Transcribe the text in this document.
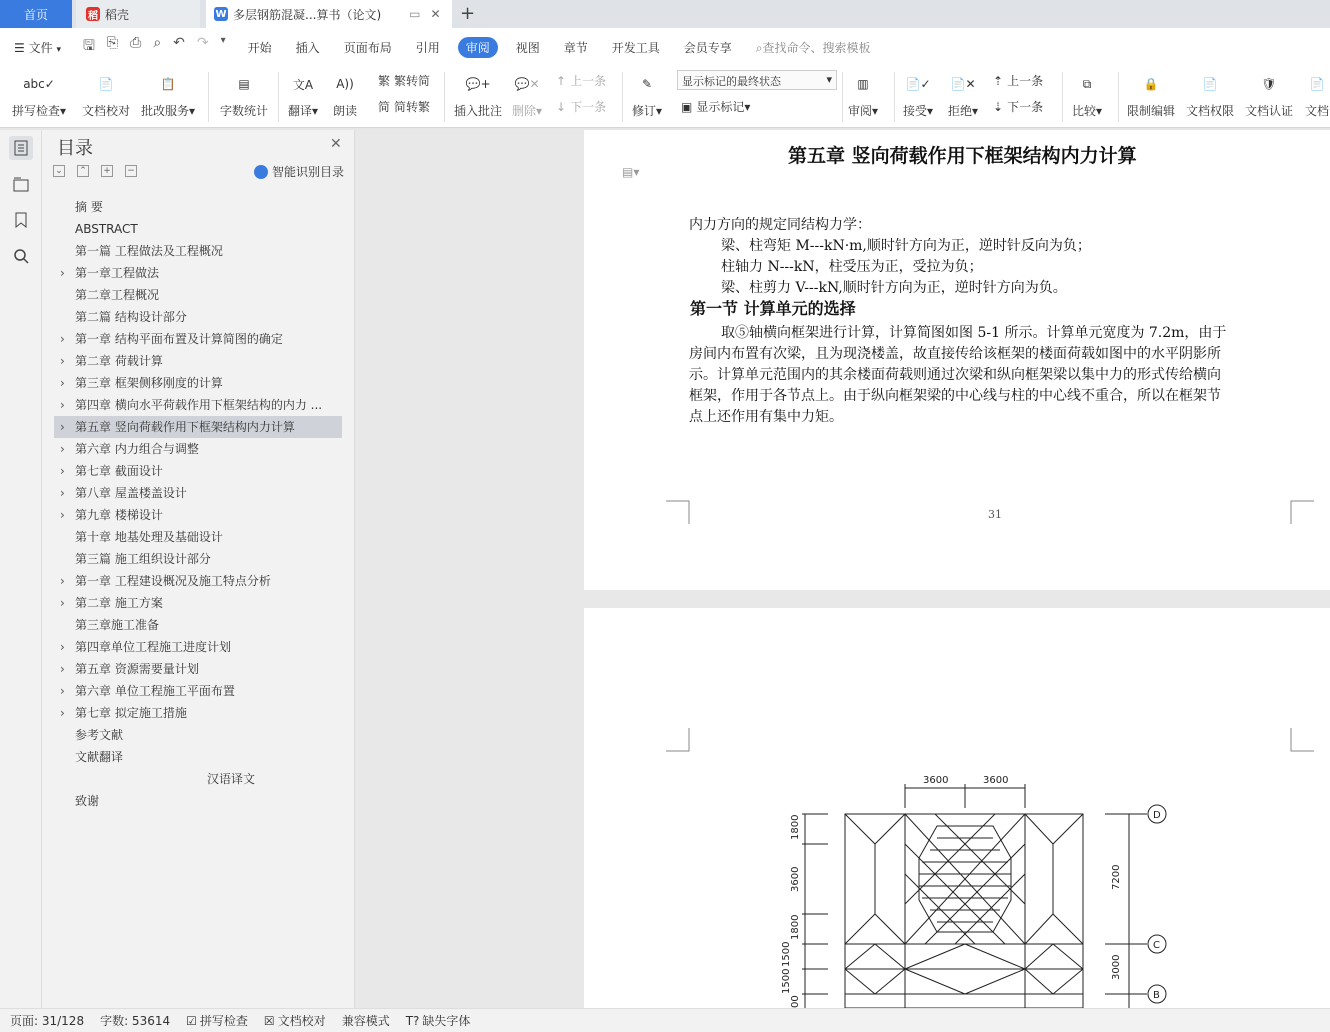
首页	稻 稻壳	W 多层钢筋混凝...算书（论文) ▭ ✕ +
☰ 文件 ▾	🖫 ⎘ ⎙ ⌕ ↶ ↷ ▾	开始	插入	页面布局	引用	审阅	视图	章节	开发工具	会员专享	⌕查找命令、搜索模板
abc✓
拼写检查▾
📄
文档校对
📋
批改服务▾
▤
字数统计
文A
翻译▾
A))
朗读
繁 繁转简
简 简转繁
💬+
插入批注
💬✕
删除▾
↑ 上一条
↓ 下一条
✎
修订▾
显示标记的最终状态	▾
▣ 显示标记 ▾
▥
审阅▾
📄✓
接受▾
📄✕
拒绝▾
⇡ 上一条
⇣ 下一条
⧉
比较▾
🔒
限制编辑
📄
文档权限
🛡
文档认证
📄
文档
目录	✕
⌄ ⌃ + −	智能识别目录
摘 要
ABSTRACT
第一篇 工程做法及工程概况
› 第一章工程做法
第二章工程概况
第二篇 结构设计部分
› 第一章 结构平面布置及计算简图的确定
› 第二章 荷载计算
› 第三章 框架侧移刚度的计算
› 第四章 横向水平荷载作用下框架结构的内力 ...
› 第五章 竖向荷载作用下框架结构内力计算
› 第六章 内力组合与调整
› 第七章 截面设计
› 第八章 屋盖楼盖设计
› 第九章 楼梯设计
第十章 地基处理及基础设计
第三篇 施工组织设计部分
› 第一章 工程建设概况及施工特点分析
› 第二章 施工方案
第三章施工准备
› 第四章单位工程施工进度计划
› 第五章 资源需要量计划
› 第六章 单位工程施工平面布置
› 第七章 拟定施工措施
参考文献
文献翻译
汉语译文
致谢
▤▾
第五章 竖向荷载作用下框架结构内力计算
内力方向的规定同结构力学：
梁、柱弯矩 M---kN·m,顺时针方向为正，逆时针反向为负；
柱轴力 N---kN，柱受压为正，受拉为负；
梁、柱剪力 V---kN,顺时针方向为正，逆时针方向为负。
第一节 计算单元的选择
取⑤轴横向框架进行计算，计算简图如图 5-1 所示。计算单元宽度为 7.2m，由于
房间内布置有次梁，且为现浇楼盖，故直接传给该框架的楼面荷载如图中的水平阴影所
示。计算单元范围内的其余楼面荷载则通过次梁和纵向框架梁以集中力的形式传给横向
框架，作用于各节点上。由于纵向框架梁的中心线与柱的中心线不重合，所以在框架节
点上还作用有集中力矩。
31
3600	3600
1800
3600
1800
1500
1500
00
7200
3000
D
C
B
页面: 31/128 字数: 53614 ☑ 拼写检查 ☒ 文档校对 兼容模式 T? 缺失字体
